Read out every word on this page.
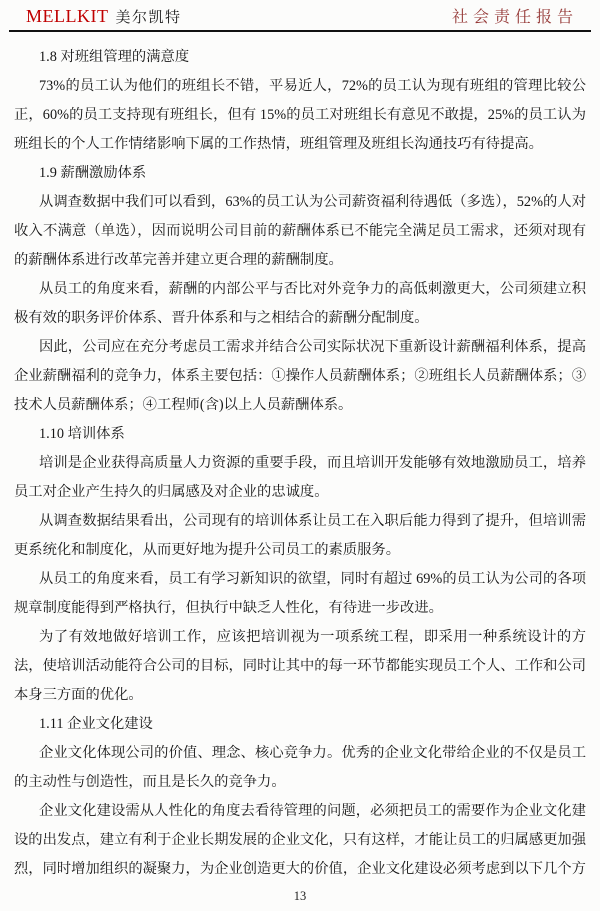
MELLKIT 美尔凯特	社会责任报告
1.8 对班组管理的满意度

73%的员工认为他们的班组长不错，平易近人，72%的员工认为现有班组的管理比较公正，60%的员工支持现有班组长，但有 15%的员工对班组长有意见不敢提，25%的员工认为班组长的个人工作情绪影响下属的工作热情，班组管理及班组长沟通技巧有待提高。

1.9 薪酬激励体系

从调查数据中我们可以看到，63%的员工认为公司薪资福利待遇低（多选），52%的人对收入不满意（单选），因而说明公司目前的薪酬体系已不能完全满足员工需求，还须对现有的薪酬体系进行改革完善并建立更合理的薪酬制度。

从员工的角度来看，薪酬的内部公平与否比对外竞争力的高低刺激更大，公司须建立积极有效的职务评价体系、晋升体系和与之相结合的薪酬分配制度。

因此，公司应在充分考虑员工需求并结合公司实际状况下重新设计薪酬福利体系，提高企业薪酬福利的竞争力，体系主要包括：①操作人员薪酬体系；②班组长人员薪酬体系；③技术人员薪酬体系；④工程师(含)以上人员薪酬体系。

1.10 培训体系

培训是企业获得高质量人力资源的重要手段，而且培训开发能够有效地激励员工，培养员工对企业产生持久的归属感及对企业的忠诚度。

从调查数据结果看出，公司现有的培训体系让员工在入职后能力得到了提升，但培训需更系统化和制度化，从而更好地为提升公司员工的素质服务。

从员工的角度来看，员工有学习新知识的欲望，同时有超过 69%的员工认为公司的各项规章制度能得到严格执行，但执行中缺乏人性化，有待进一步改进。

为了有效地做好培训工作，应该把培训视为一项系统工程，即采用一种系统设计的方法，使培训活动能符合公司的目标，同时让其中的每一环节都能实现员工个人、工作和公司本身三方面的优化。

1.11 企业文化建设

企业文化体现公司的价值、理念、核心竞争力。优秀的企业文化带给企业的不仅是员工的主动性与创造性，而且是长久的竞争力。

企业文化建设需从人性化的角度去看待管理的问题，必须把员工的需要作为企业文化建设的出发点，建立有利于企业长期发展的企业文化，只有这样，才能让员工的归属感更加强烈，同时增加组织的凝聚力，为企业创造更大的价值，企业文化建设必须考虑到以下几个方

13
